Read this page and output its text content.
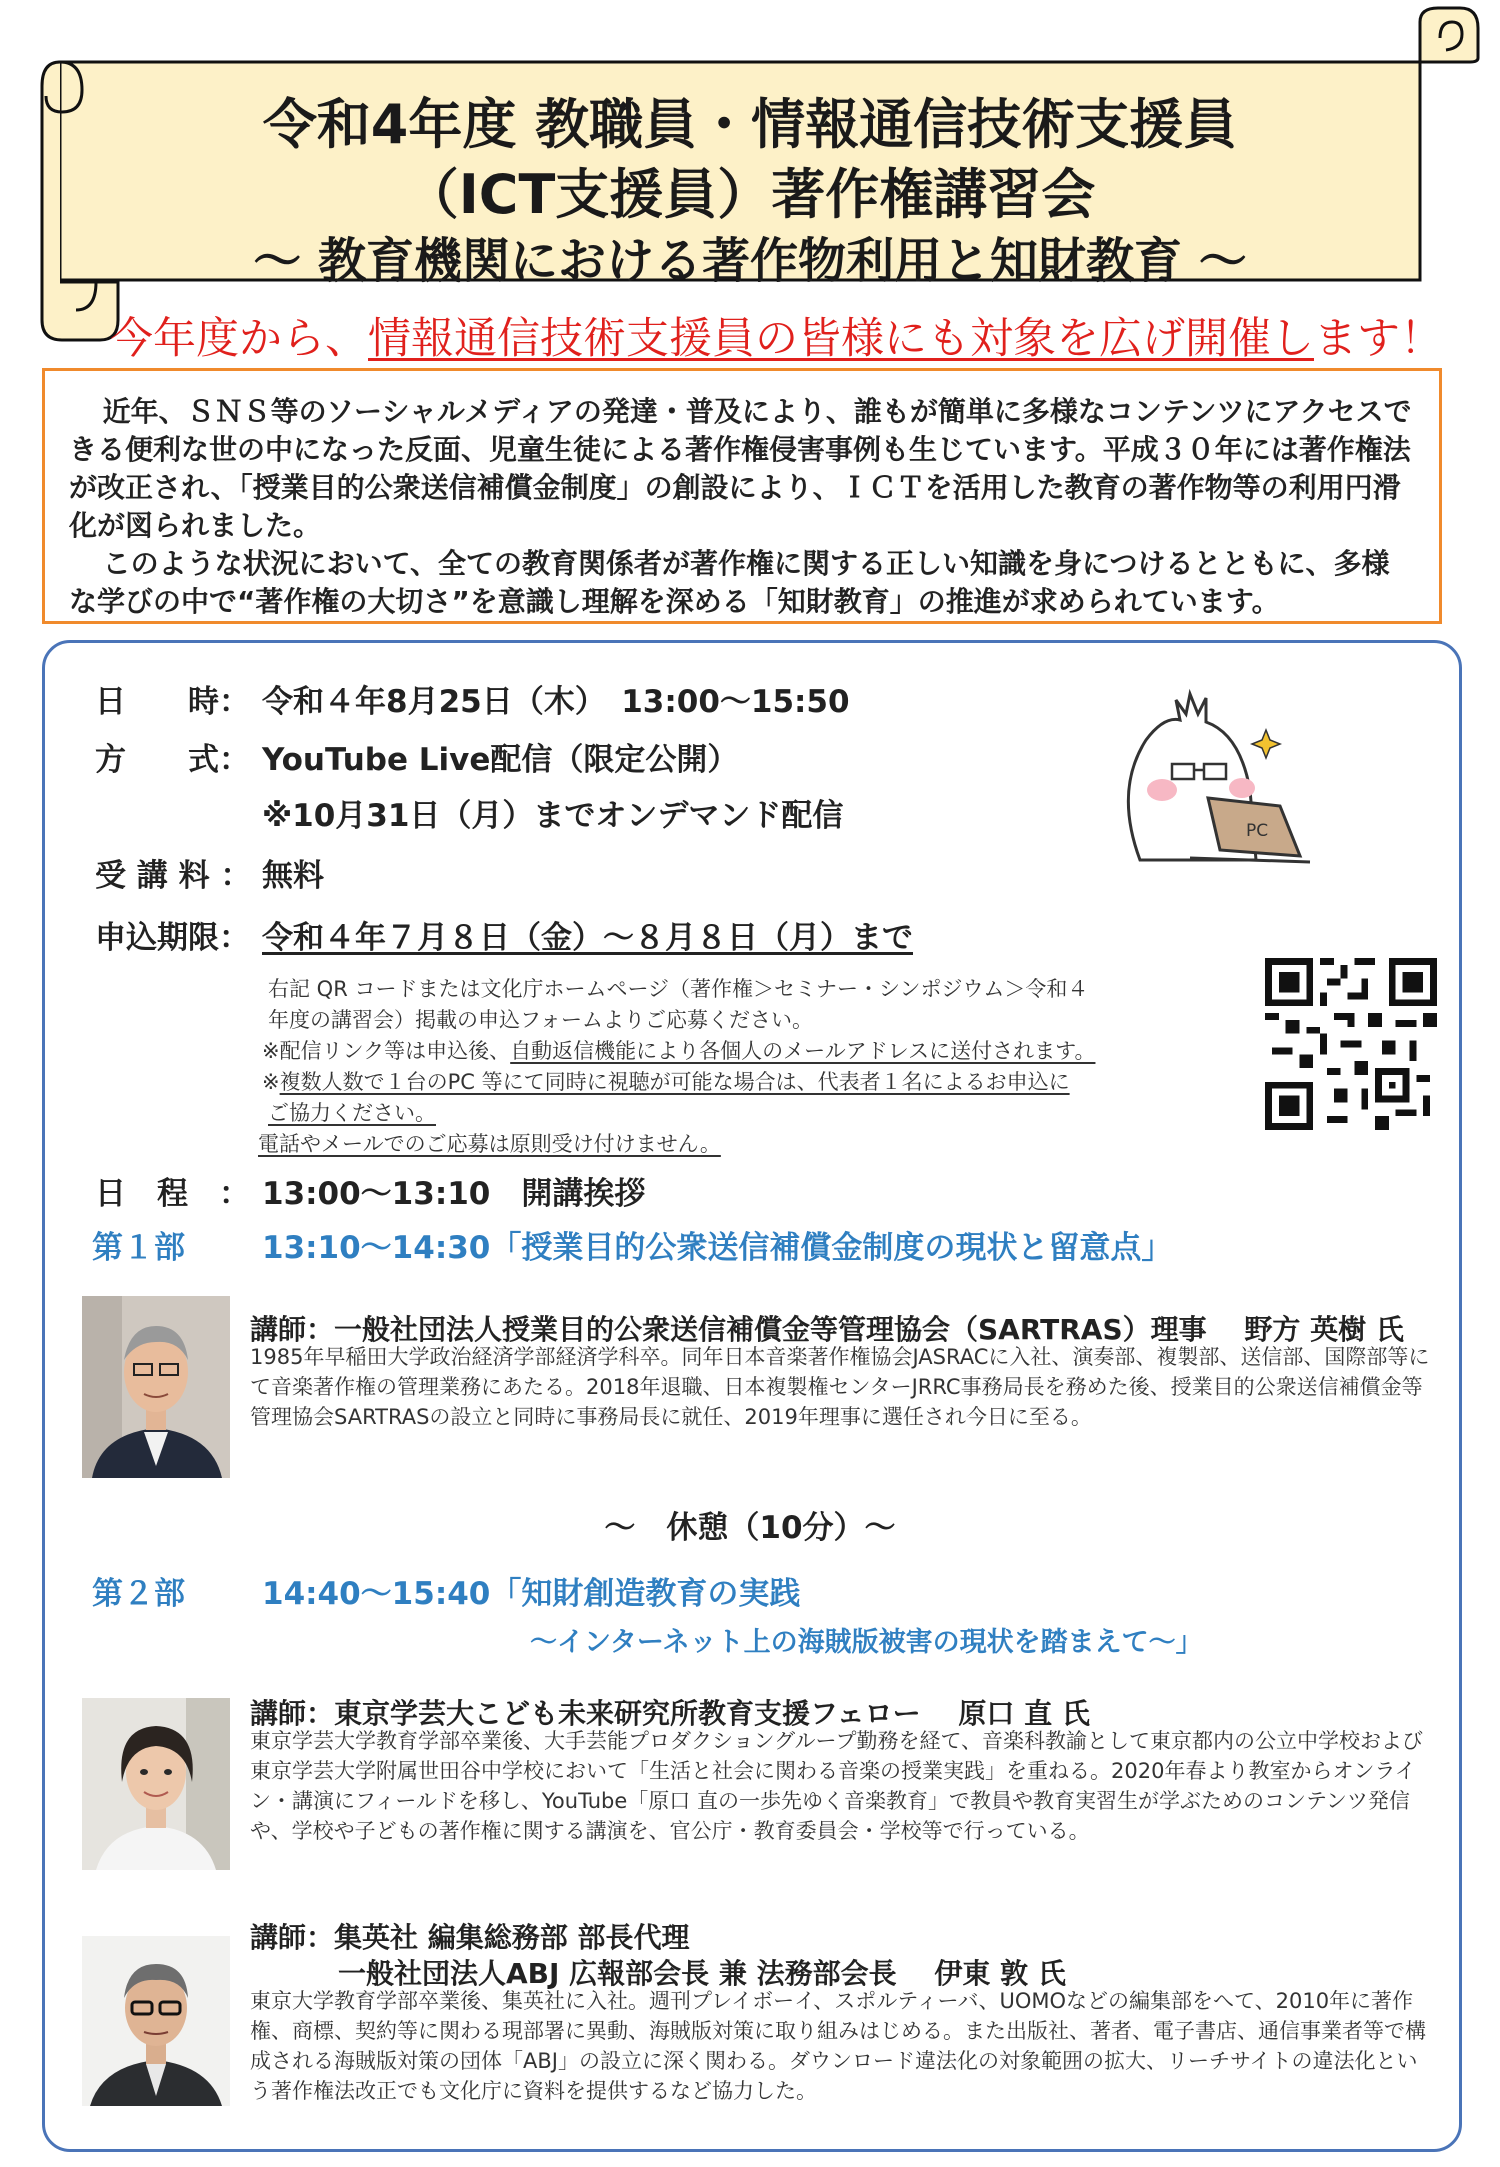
令和4年度 教職員・情報通信技術支援員
（ICT支援員）著作権講習会
～ 教育機関における著作物利用と知財教育 ～
今年度から、情報通信技術支援員の皆様にも対象を広げ開催します！

近年、ＳＮＳ等のソーシャルメディアの発達・普及により、誰もが簡単に多様なコンテンツにアクセスできる便利な世の中になった反面、児童生徒による著作権侵害事例も生じています。平成３０年には著作権法が改正され、「授業目的公衆送信補償金制度」の創設により、ＩＣＴを活用した教育の著作物等の利用円滑化が図られました。

このような状況において、全ての教育関係者が著作権に関する正しい知識を身につけるとともに、多様な学びの中で“著作権の大切さ”を意識し理解を深める「知財教育」の推進が求められています。

日　　時： 令和４年8月25日（木）　13:00～15:50
方　　式： YouTube Live配信（限定公開）
※10月31日（月）までオンデマンド配信
受 講 料 ： 無料
申込期限： 令和４年７月８日（金）～８月８日（月）まで
右記 QR コードまたは文化庁ホームページ（著作権＞セミナー・シンポジウム＞令和４
年度の講習会）掲載の申込フォームよりご応募ください。
※配信リンク等は申込後、自動返信機能により各個人のメールアドレスに送付されます。
※複数人数で１台のPC 等にて同時に視聴が可能な場合は、代表者１名によるお申込に
ご協力ください。
電話やメールでのご応募は原則受け付けません。
PC
日　程　： 13:00～13:10　開講挨拶
第１部 13:10～14:30「授業目的公衆送信補償金制度の現状と留意点」
講師：一般社団法人授業目的公衆送信補償金等管理協会（SARTRAS）理事　 野方 英樹 氏
1985年早稲田大学政治経済学部経済学科卒。同年日本音楽著作権協会JASRACに入社、演奏部、複製部、送信部、国際部等にて音楽著作権の管理業務にあたる。2018年退職、日本複製権センターJRRC事務局長を務めた後、授業目的公衆送信補償金等管理協会SARTRASの設立と同時に事務局長に就任、2019年理事に選任され今日に至る。
～　休憩（10分）～
第２部 14:40～15:40「知財創造教育の実践
～インターネット上の海賊版被害の現状を踏まえて～」
講師：東京学芸大こども未来研究所教育支援フェロー　 原口 直 氏
東京学芸大学教育学部卒業後、大手芸能プロダクショングループ勤務を経て、音楽科教諭として東京都内の公立中学校および東京学芸大学附属世田谷中学校において「生活と社会に関わる音楽の授業実践」を重ねる。2020年春より教室からオンライン・講演にフィールドを移し、YouTube「原口 直の一歩先ゆく音楽教育」で教員や教育実習生が学ぶためのコンテンツ発信や、学校や子どもの著作権に関する講演を、官公庁・教育委員会・学校等で行っている。
講師：集英社 編集総務部 部長代理
一般社団法人ABJ 広報部会長 兼 法務部会長　 伊東 敦 氏
東京大学教育学部卒業後、集英社に入社。週刊プレイボーイ、スポルティーバ、UOMOなどの編集部をへて、2010年に著作権、商標、契約等に関わる現部署に異動、海賊版対策に取り組みはじめる。また出版社、著者、電子書店、通信事業者等で構成される海賊版対策の団体「ABJ」の設立に深く関わる。ダウンロード違法化の対象範囲の拡大、リーチサイトの違法化という著作権法改正でも文化庁に資料を提供するなど協力した。
